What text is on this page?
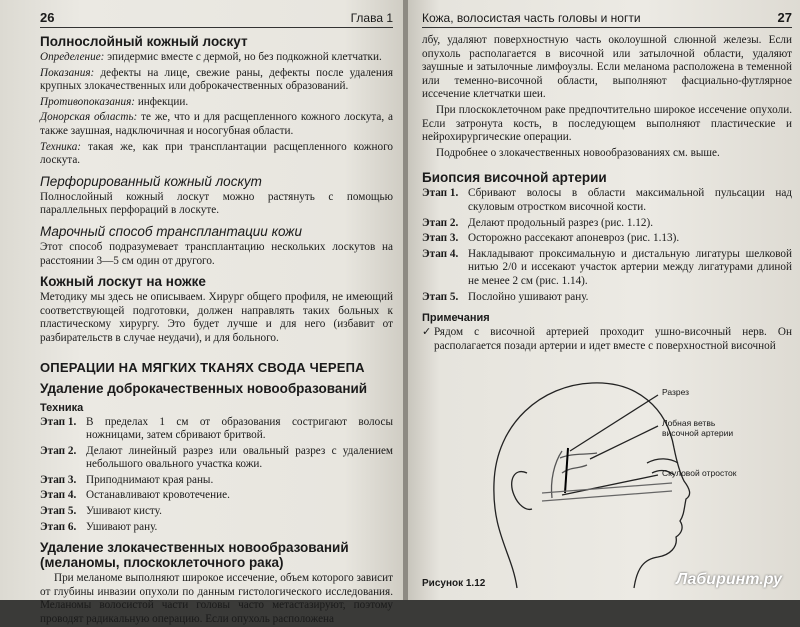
26	Глава 1
Полнослойный кожный лоскут

Определение: эпидермис вместе с дермой, но без подкожной клетчатки.

Показания: дефекты на лице, свежие раны, дефекты после удаления крупных злокачественных или доброкачественных образований.

Противопоказания: инфекции.

Донорская область: те же, что и для расщепленного кожного лоскута, а также заушная, надключичная и носогубная области.

Техника: такая же, как при трансплантации расщепленного кожного лоскута.

Перфорированный кожный лоскут

Полнослойный кожный лоскут можно растянуть с помощью параллельных перфораций в лоскуте.

Марочный способ трансплантации кожи

Этот способ подразумевает трансплантацию нескольких лоскутов на расстоянии 3—5 см один от другого.

Кожный лоскут на ножке

Методику мы здесь не описываем. Хирург общего профиля, не имеющий соответствующей подготовки, должен направлять таких больных к пластическому хирургу. Это будет лучше и для него (избавит от разбирательств в случае неудачи), и для больного.

ОПЕРАЦИИ НА МЯГКИХ ТКАНЯХ СВОДА ЧЕРЕПА
Удаление доброкачественных новообразований
Техника
Этап 1. В пределах 1 см от образования состригают волосы ножницами, затем сбривают бритвой.
Этап 2. Делают линейный разрез или овальный разрез с удалением небольшого овального участка кожи.
Этап 3. Приподнимают края раны.
Этап 4. Останавливают кровотечение.
Этап 5. Ушивают кисту.
Этап 6. Ушивают рану.
Удаление злокачественных новообразований (меланомы, плоскоклеточного рака)

При меланоме выполняют широкое иссечение, объем которого зависит от глубины инвазии опухоли по данным гистологического исследования. Меланомы волосистой части головы часто метастазируют, поэтому проводят радикальную операцию. Если опухоль расположена

Кожа, волосистая часть головы и ногти	27

лбу, удаляют поверхностную часть околоушной слюнной железы. Если опухоль располагается в височной или затылочной области, удаляют заушные и затылочные лимфоузлы. Если меланома расположена в теменной или теменно-височной области, выполняют фасциально-футлярное иссечение клетчатки шеи.

При плоскоклеточном раке предпочтительно широкое иссечение опухоли. Если затронута кость, в последующем выполняют пластические и нейрохирургические операции.

Подробнее о злокачественных новообразованиях см. выше.

Биопсия височной артерии
Этап 1. Сбривают волосы в области максимальной пульсации над скуловым отростком височной кости.
Этап 2. Делают продольный разрез (рис. 1.12).
Этап 3. Осторожно рассекают апоневроз (рис. 1.13).
Этап 4. Накладывают проксимальную и дистальную лигатуры шелковой нитью 2/0 и иссекают участок артерии между лигатурами длиной не менее 2 см (рис. 1.14).
Этап 5. Послойно ушивают рану.
Примечания
✓ Рядом с височной артерией проходит ушно-височный нерв. Он располагается позади артерии и идет вместе с поверхностной височной
Разрез
Лобная ветвь височной артерии
Скуловой отросток
Рисунок 1.12	Лабиринт.ру
